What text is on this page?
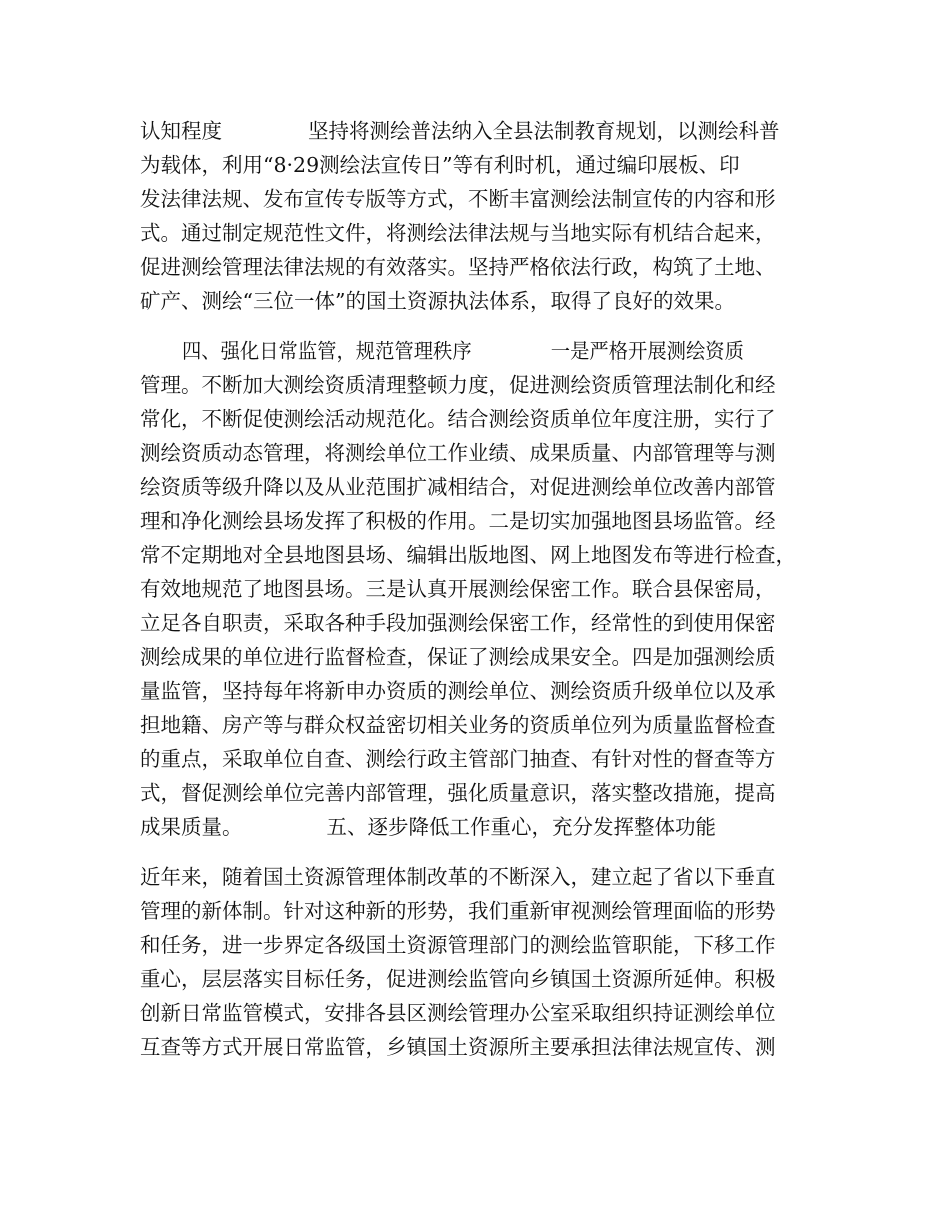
认知程度	坚持将测绘普法纳入全县法制教育规划，以测绘科普
为载体，利用“8·29测绘法宣传日”等有利时机，通过编印展板、印
发法律法规、发布宣传专版等方式，不断丰富测绘法制宣传的内容和形
式。通过制定规范性文件，将测绘法律法规与当地实际有机结合起来，
促进测绘管理法律法规的有效落实。坚持严格依法行政，构筑了土地、
矿产、测绘“三位一体”的国土资源执法体系，取得了良好的效果。
四、强化日常监管，规范管理秩序	一是严格开展测绘资质
管理。不断加大测绘资质清理整顿力度，促进测绘资质管理法制化和经
常化，不断促使测绘活动规范化。结合测绘资质单位年度注册，实行了
测绘资质动态管理，将测绘单位工作业绩、成果质量、内部管理等与测
绘资质等级升降以及从业范围扩减相结合，对促进测绘单位改善内部管
理和净化测绘县场发挥了积极的作用。二是切实加强地图县场监管。经
常不定期地对全县地图县场、编辑出版地图、网上地图发布等进行检查，
有效地规范了地图县场。三是认真开展测绘保密工作。联合县保密局，
立足各自职责，采取各种手段加强测绘保密工作，经常性的到使用保密
测绘成果的单位进行监督检查，保证了测绘成果安全。四是加强测绘质
量监管，坚持每年将新申办资质的测绘单位、测绘资质升级单位以及承
担地籍、房产等与群众权益密切相关业务的资质单位列为质量监督检查
的重点，采取单位自查、测绘行政主管部门抽查、有针对性的督查等方
式，督促测绘单位完善内部管理，强化质量意识，落实整改措施，提高
成果质量。	五、逐步降低工作重心，充分发挥整体功能
近年来，随着国土资源管理体制改革的不断深入，建立起了省以下垂直
管理的新体制。针对这种新的形势，我们重新审视测绘管理面临的形势
和任务，进一步界定各级国土资源管理部门的测绘监管职能，下移工作
重心，层层落实目标任务，促进测绘监管向乡镇国土资源所延伸。积极
创新日常监管模式，安排各县区测绘管理办公室采取组织持证测绘单位
互查等方式开展日常监管，乡镇国土资源所主要承担法律法规宣传、测
